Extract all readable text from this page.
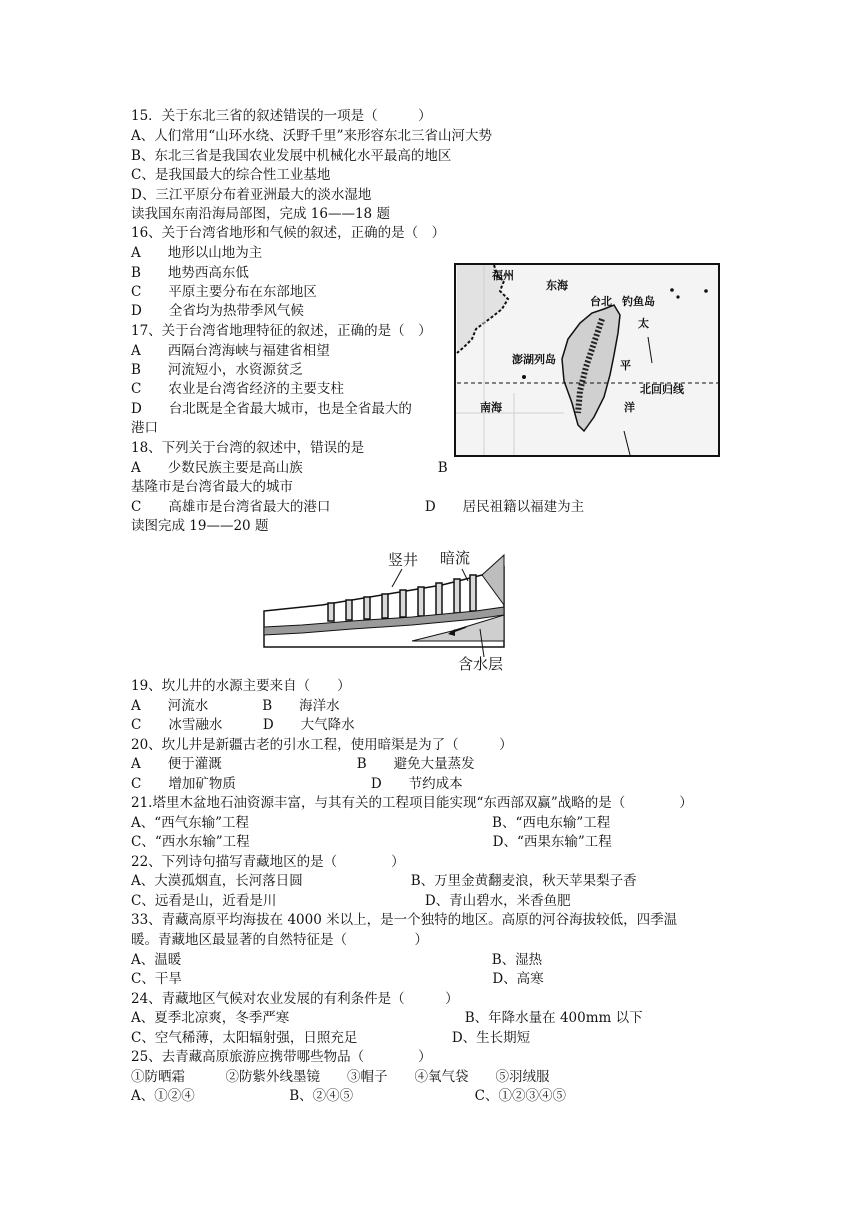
15．关于东北三省的叙述错误的一项是（　　　）
A、人们常用“山环水绕、沃野千里”来形容东北三省山河大势
B、东北三省是我国农业发展中机械化水平最高的地区
C、是我国最大的综合性工业基地
D、三江平原分布着亚洲最大的淡水湿地
读我国东南沿海局部图，完成 16——18 题
16、关于台湾省地形和气候的叙述，正确的是（　）
A　　地形以山地为主
B　　地势西高东低
C　　平原主要分布在东部地区
D　　全省均为热带季风气候
17、关于台湾省地理特征的叙述，正确的是（　）
A　　西隔台湾海峡与福建省相望
B　　河流短小，水资源贫乏
C　　农业是台湾省经济的主要支柱
D　　台北既是全省最大城市，也是全省最大的
港口
18、下列关于台湾的叙述中，错误的是
A　　少数民族主要是高山族　　　　　　　　　　B
基隆市是台湾省最大的城市
C　　高雄市是台湾省最大的港口　　　　　　　D　　居民祖籍以福建为主
读图完成 19——20 题
19、坎儿井的水源主要来自（　　）
A　　河流水　　　　B　　海洋水
C　　冰雪融水　　　D　　大气降水
20、坎儿井是新疆古老的引水工程，使用暗渠是为了（　　　）
A　　便于灌溉　　　　　　　　　　B　　避免大量蒸发
C　　增加矿物质　　　　　　　　　　D　　节约成本
21.塔里木盆地石油资源丰富，与其有关的工程项目能实现“东西部双赢”战略的是（　　　　）
A、“西气东输”工程　　　　　　　　　　　　　　　　　　B、“西电东输”工程
C、“西水东输”工程　　　　　　　　　　　　　　　　　　D、“西果东输”工程
22、下列诗句描写青藏地区的是（　　　　）
A、大漠孤烟直，长河落日圆　　　　　　　　B、万里金黄翻麦浪，秋天苹果梨子香
C、远看是山，近看是川　　　　　　　　　　　D、青山碧水，米香鱼肥
33、青藏高原平均海拔在 4000 米以上，是一个独特的地区。高原的河谷海拔较低，四季温
暖。青藏地区最显著的自然特征是（　　　　　）
A、温暖　　　　　　　　　　　　　　　　　　　　　　　B、湿热
C、干旱　　　　　　　　　　　　　　　　　　　　　　　D、高寒
24、青藏地区气候对农业发展的有利条件是（　　　）
A、夏季北凉爽，冬季严寒　　　　　　　　　　　　　B、年降水量在 400mm 以下
C、空气稀薄，太阳辐射强，日照充足　　　　　　　D、生长期短
25、去青藏高原旅游应携带哪些物品（　　　　）
①防晒霜　　　②防紫外线墨镜　　③帽子　　④氧气袋　　⑤羽绒服
A、①②④　　　　　　　B、②④⑤　　　　　　　　　C、①②③④⑤
福州
东海
台北 钓鱼岛
太
澎湖列岛	平
北回归线
南海	洋
竖井 暗流
含水层
